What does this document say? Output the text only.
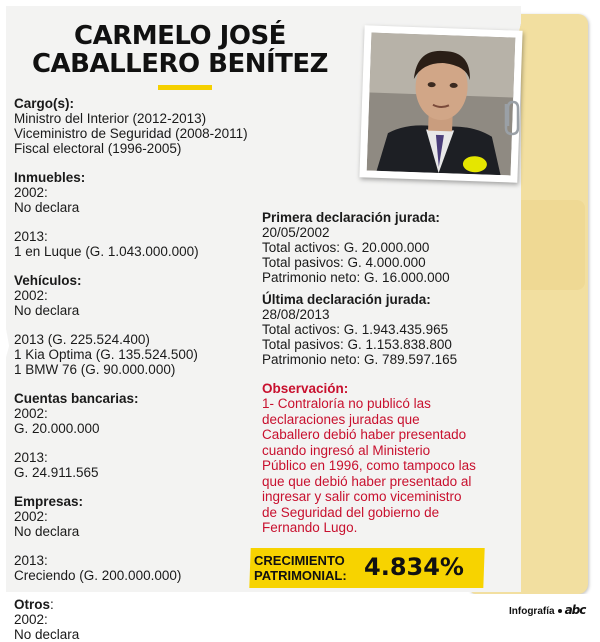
CARMELO JOSÉ
CABALLERO BENÍTEZ

Cargo(s):

Ministro del Interior (2012-2013)

Viceministro de Seguridad (2008-2011)

Fiscal electoral (1996-2005)

Inmuebles:

2002:

No declara

2013:

1 en Luque (G. 1.043.000.000)

Vehículos:

2002:

No declara

2013 (G. 225.524.400)

1 Kia Optima (G. 135.524.500)

1 BMW 76 (G. 90.000.000)

Cuentas bancarias:

2002:

G. 20.000.000

2013:

G. 24.911.565

Empresas:

2002:

No declara

2013:

Creciendo (G. 200.000.000)

Otros:

2002:

No declara

Primera declaración jurada:

20/05/2002

Total activos: G. 20.000.000

Total pasivos: G. 4.000.000

Patrimonio neto: G. 16.000.000

Última declaración jurada:

28/08/2013

Total activos: G. 1.943.435.965

Total pasivos: G. 1.153.838.800

Patrimonio neto: G. 789.597.165

Observación:
1- Contraloría no publicó las
declaraciones juradas que
Caballero debió haber presentado
cuando ingresó al Ministerio
Público en 1996, como tampoco las
que que debió haber presentado al
ingresar y salir como viceministro
de Seguridad del gobierno de
Fernando Lugo.
CRECIMIENTO
PATRIMONIAL: 4.834%
Infografía abc
